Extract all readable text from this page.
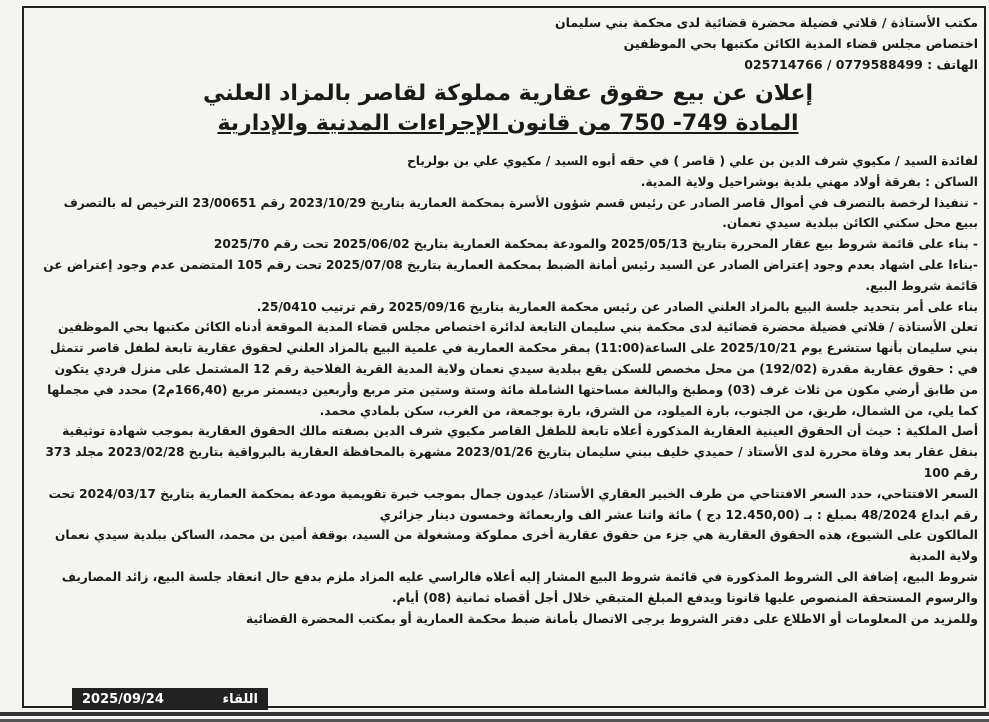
مكتب الأستاذة / قلاتي فضيلة محضرة قضائية لدى محكمة بني سليمان
اختصاص مجلس قضاء المدية الكائن مكتبها بحي الموظفين
الهاتف : 025714766 / 0779588499
إعلان عن بيع حقوق عقارية مملوكة لقاصر بالمزاد العلني
المادة 749- 750 من قانون الإجراءات المدنية والإدارية

لفائدة السيد / مكيوي شرف الدين بن علي ( قاصر ) في حقه أبوه السيد / مكيوي علي بن بولرباح

الساكن : بفرقة أولاد مهني بلدية بوشراحيل ولاية المدية.

- تنفيذا لرخصة بالتصرف في أموال قاصر الصادر عن رئيس قسم شؤون الأسرة بمحكمة العمارية بتاريخ 2023/10/29 رقم 23/00651 الترخيص له بالتصرف ببيع محل سكني الكائن ببلدية سيدي نعمان.

- بناء على قائمة شروط بيع عقار المحررة بتاريخ 2025/05/13 والمودعة بمحكمة العمارية بتاريخ 2025/06/02 تحت رقم 2025/70

-بناءا على اشهاد بعدم وجود إعتراض الصادر عن السيد رئيس أمانة الضبط بمحكمة العمارية بتاريخ 2025/07/08 تحت رقم 105 المتضمن عدم وجود إعتراض عن قائمة شروط البيع.

بناء على أمر بتحديد جلسة البيع بالمزاد العلني الصادر عن رئيس محكمة العمارية بتاريخ 2025/09/16 رقم ترتيب 25/0410.

تعلن الأستاذة / قلاتي فضيلة محضرة قضائية لدى محكمة بني سليمان التابعة لدائرة اختصاص مجلس قضاء المدية الموقعة أدناه الكائن مكتبها بحي الموظفين بني سليمان بأنها ستشرع يوم 2025/10/21 على الساعة(11:00) بمقر محكمة العمارية في علمية البيع بالمزاد العلني لحقوق عقارية تابعة لطفل قاصر تتمثل في : حقوق عقارية مقدرة (192/02) من محل مخصص للسكن يقع ببلدية سيدي نعمان ولاية المدية القرية الفلاحية رقم 12 المشتمل على منزل فردي يتكون من طابق أرضي مكون من ثلاث غرف (03) ومطبخ والبالغة مساحتها الشاملة مائة وستة وستين متر مربع وأربعين ديسمتر مربع (166,40م2) محدد في مجملها كما يلي، من الشمال، طريق، من الجنوب، بارة الميلود، من الشرق، بارة بوجمعة، من الغرب، سكن بلمادي محمد.

أصل الملكية : حيث أن الحقوق العينية العقارية المذكورة أعلاه تابعة للطفل القاصر مكيوي شرف الدين بصفته مالك الحقوق العقارية بموجب شهادة توثيقية بنقل عقار بعد وفاة محررة لدى الأستاذ / حميدي خليف ببني سليمان بتاريخ 2023/01/26 مشهرة بالمحافظة العقارية بالبرواقية بتاريخ 2023/02/28 مجلد 373 رقم 100

السعر الافتتاحي، حدد السعر الافتتاحي من طرف الخبير العقاري الأستاذ/ عيدون جمال بموجب خبرة تقويمية مودعة بمحكمة العمارية بتاريخ 2024/03/17 تحت رقم ابداع 48/2024 بمبلغ : بـ (12.450,00 دج ) مائة واثنا عشر الف واربعمائة وخمسون دينار جزائري

المالكون على الشيوع، هذه الحقوق العقارية هي جزء من حقوق عقارية أخرى مملوكة ومشغولة من السيد، بوقفة أمين بن محمد، الساكن ببلدية سيدي نعمان ولاية المدية

شروط البيع، إضافة الى الشروط المذكورة في قائمة شروط البيع المشار إليه أعلاه فالراسي عليه المزاد ملزم بدفع حال انعقاد جلسة البيع، زائد المصاريف والرسوم المستحقة المنصوص عليها قانونا ويدفع المبلغ المتبقي خلال أجل أقصاه ثمانية (08) أيام.

وللمزيد من المعلومات أو الاطلاع على دفتر الشروط يرجى الاتصال بأمانة ضبط محكمة العمارية أو بمكتب المحضرة القضائية

اللقاء
2025/09/24
